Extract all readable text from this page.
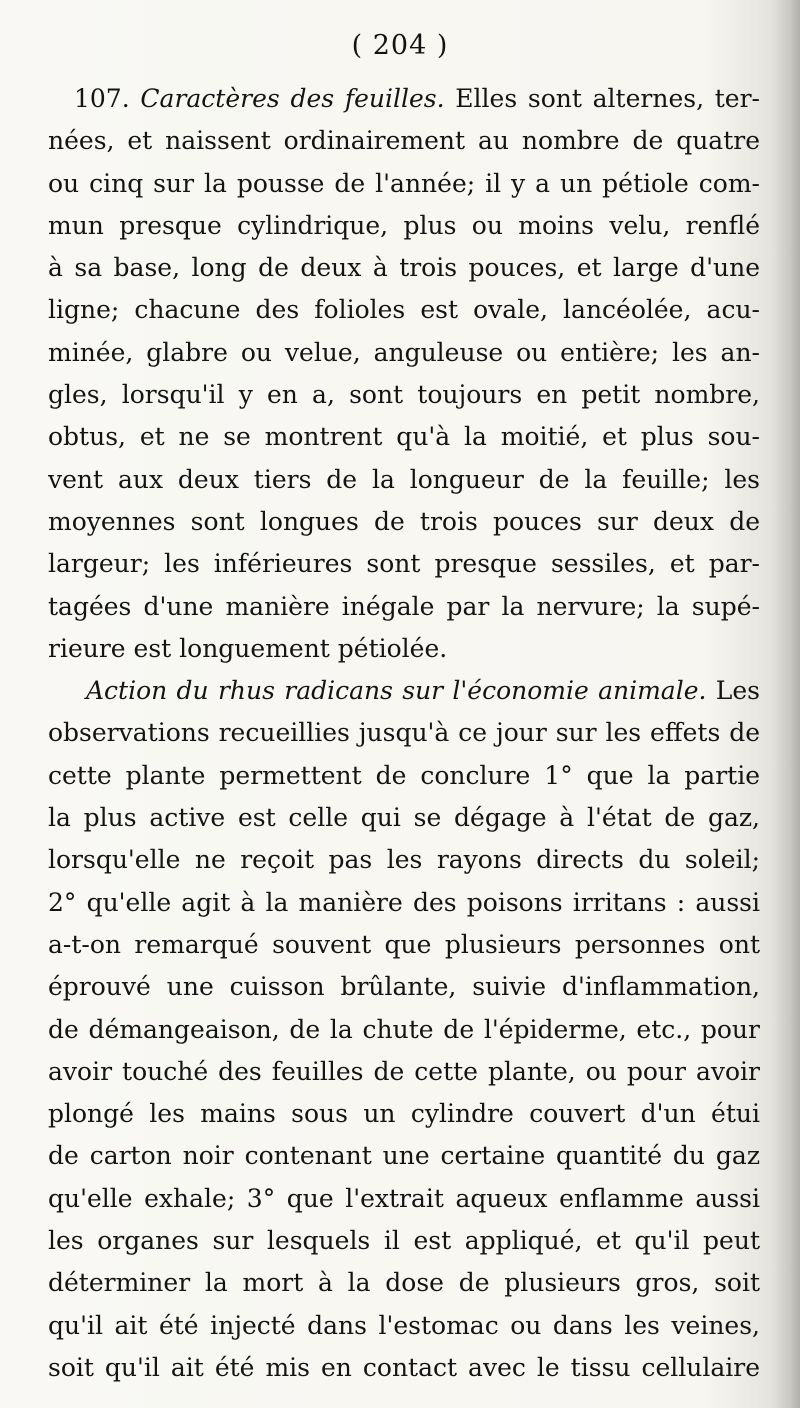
( 204 )
107. Caractères des feuilles. Elles sont alternes, ter-
nées, et naissent ordinairement au nombre de quatre
ou cinq sur la pousse de l'année; il y a un pétiole com-
mun presque cylindrique, plus ou moins velu, renflé
à sa base, long de deux à trois pouces, et large d'une
ligne; chacune des folioles est ovale, lancéolée, acu-
minée, glabre ou velue, anguleuse ou entière; les an-
gles, lorsqu'il y en a, sont toujours en petit nombre,
obtus, et ne se montrent qu'à la moitié, et plus sou-
vent aux deux tiers de la longueur de la feuille; les
moyennes sont longues de trois pouces sur deux de
largeur; les inférieures sont presque sessiles, et par-
tagées d'une manière inégale par la nervure; la supé-
rieure est longuement pétiolée.
Action du rhus radicans sur l'économie animale. Les
observations recueillies jusqu'à ce jour sur les effets de
cette plante permettent de conclure 1° que la partie
la plus active est celle qui se dégage à l'état de gaz,
lorsqu'elle ne reçoit pas les rayons directs du soleil;
2° qu'elle agit à la manière des poisons irritans : aussi
a-t-on remarqué souvent que plusieurs personnes ont
éprouvé une cuisson brûlante, suivie d'inflammation,
de démangeaison, de la chute de l'épiderme, etc., pour
avoir touché des feuilles de cette plante, ou pour avoir
plongé les mains sous un cylindre couvert d'un étui
de carton noir contenant une certaine quantité du gaz
qu'elle exhale; 3° que l'extrait aqueux enflamme aussi
les organes sur lesquels il est appliqué, et qu'il peut
déterminer la mort à la dose de plusieurs gros, soit
qu'il ait été injecté dans l'estomac ou dans les veines,
soit qu'il ait été mis en contact avec le tissu cellulaire
